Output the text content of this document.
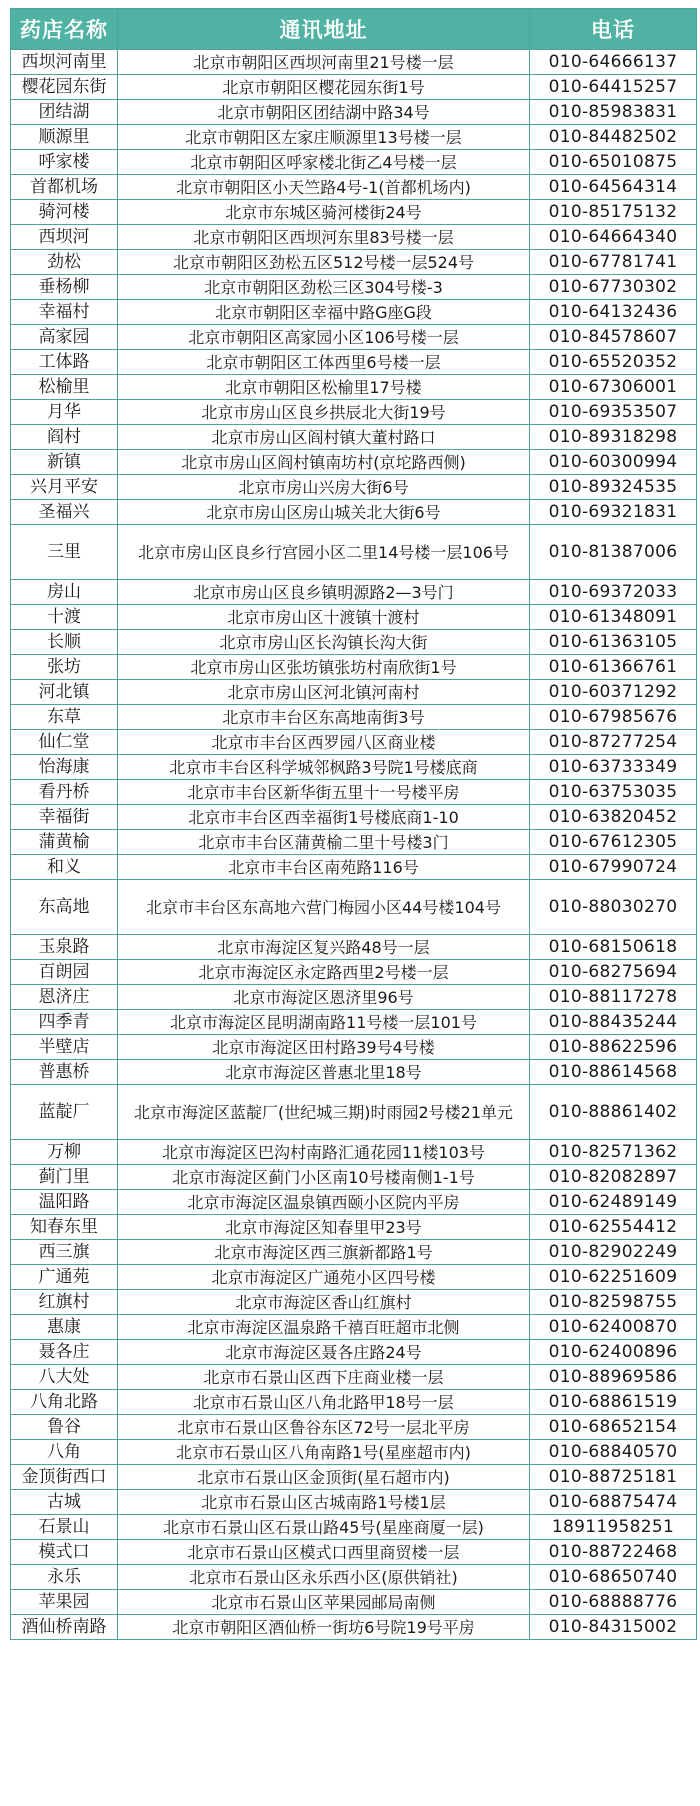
药店名称	通讯地址	电话
西坝河南里	北京市朝阳区西坝河南里21号楼一层	010-64666137
樱花园东街	北京市朝阳区樱花园东街1号	010-64415257
团结湖	北京市朝阳区团结湖中路34号	010-85983831
顺源里	北京市朝阳区左家庄顺源里13号楼一层	010-84482502
呼家楼	北京市朝阳区呼家楼北街乙4号楼一层	010-65010875
首都机场	北京市朝阳区小天竺路4号-1(首都机场内)	010-64564314
骑河楼	北京市东城区骑河楼街24号	010-85175132
西坝河	北京市朝阳区西坝河东里83号楼一层	010-64664340
劲松	北京市朝阳区劲松五区512号楼一层524号	010-67781741
垂杨柳	北京市朝阳区劲松三区304号楼-3	010-67730302
幸福村	北京市朝阳区幸福中路G座G段	010-64132436
高家园	北京市朝阳区高家园小区106号楼一层	010-84578607
工体路	北京市朝阳区工体西里6号楼一层	010-65520352
松榆里	北京市朝阳区松榆里17号楼	010-67306001
月华	北京市房山区良乡拱辰北大街19号	010-69353507
阎村	北京市房山区阎村镇大董村路口	010-89318298
新镇	北京市房山区阎村镇南坊村(京坨路西侧)	010-60300994
兴月平安	北京市房山兴房大街6号	010-89324535
圣福兴	北京市房山区房山城关北大街6号	010-69321831
三里	北京市房山区良乡行宫园小区二里14号楼一层106号	010-81387006
房山	北京市房山区良乡镇明源路2—3号门	010-69372033
十渡	北京市房山区十渡镇十渡村	010-61348091
长顺	北京市房山区长沟镇长沟大街	010-61363105
张坊	北京市房山区张坊镇张坊村南欣街1号	010-61366761
河北镇	北京市房山区河北镇河南村	010-60371292
东草	北京市丰台区东高地南街3号	010-67985676
仙仁堂	北京市丰台区西罗园八区商业楼	010-87277254
怡海康	北京市丰台区科学城邻枫路3号院1号楼底商	010-63733349
看丹桥	北京市丰台区新华街五里十一号楼平房	010-63753035
幸福街	北京市丰台区西幸福街1号楼底商1-10	010-63820452
蒲黄榆	北京市丰台区蒲黄榆二里十号楼3门	010-67612305
和义	北京市丰台区南苑路116号	010-67990724
东高地	北京市丰台区东高地六营门梅园小区44号楼104号	010-88030270
玉泉路	北京市海淀区复兴路48号一层	010-68150618
百朗园	北京市海淀区永定路西里2号楼一层	010-68275694
恩济庄	北京市海淀区恩济里96号	010-88117278
四季青	北京市海淀区昆明湖南路11号楼一层101号	010-88435244
半壁店	北京市海淀区田村路39号4号楼	010-88622596
普惠桥	北京市海淀区普惠北里18号	010-88614568
蓝靛厂	北京市海淀区蓝靛厂(世纪城三期)时雨园2号楼21单元	010-88861402
万柳	北京市海淀区巴沟村南路汇通花园11楼103号	010-82571362
蓟门里	北京市海淀区蓟门小区南10号楼南侧1-1号	010-82082897
温阳路	北京市海淀区温泉镇西颐小区院内平房	010-62489149
知春东里	北京市海淀区知春里甲23号	010-62554412
西三旗	北京市海淀区西三旗新都路1号	010-82902249
广通苑	北京市海淀区广通苑小区四号楼	010-62251609
红旗村	北京市海淀区香山红旗村	010-82598755
惠康	北京市海淀区温泉路千禧百旺超市北侧	010-62400870
聂各庄	北京市海淀区聂各庄路24号	010-62400896
八大处	北京市石景山区西下庄商业楼一层	010-88969586
八角北路	北京市石景山区八角北路甲18号一层	010-68861519
鲁谷	北京市石景山区鲁谷东区72号一层北平房	010-68652154
八角	北京市石景山区八角南路1号(星座超市内)	010-68840570
金顶街西口	北京市石景山区金顶街(星石超市内)	010-88725181
古城	北京市石景山区古城南路1号楼1层	010-68875474
石景山	北京市石景山区石景山路45号(星座商厦一层)	18911958251
模式口	北京市石景山区模式口西里商贸楼一层	010-88722468
永乐	北京市石景山区永乐西小区(原供销社)	010-68650740
苹果园	北京市石景山区苹果园邮局南侧	010-68888776
酒仙桥南路	北京市朝阳区酒仙桥一街坊6号院19号平房	010-84315002
